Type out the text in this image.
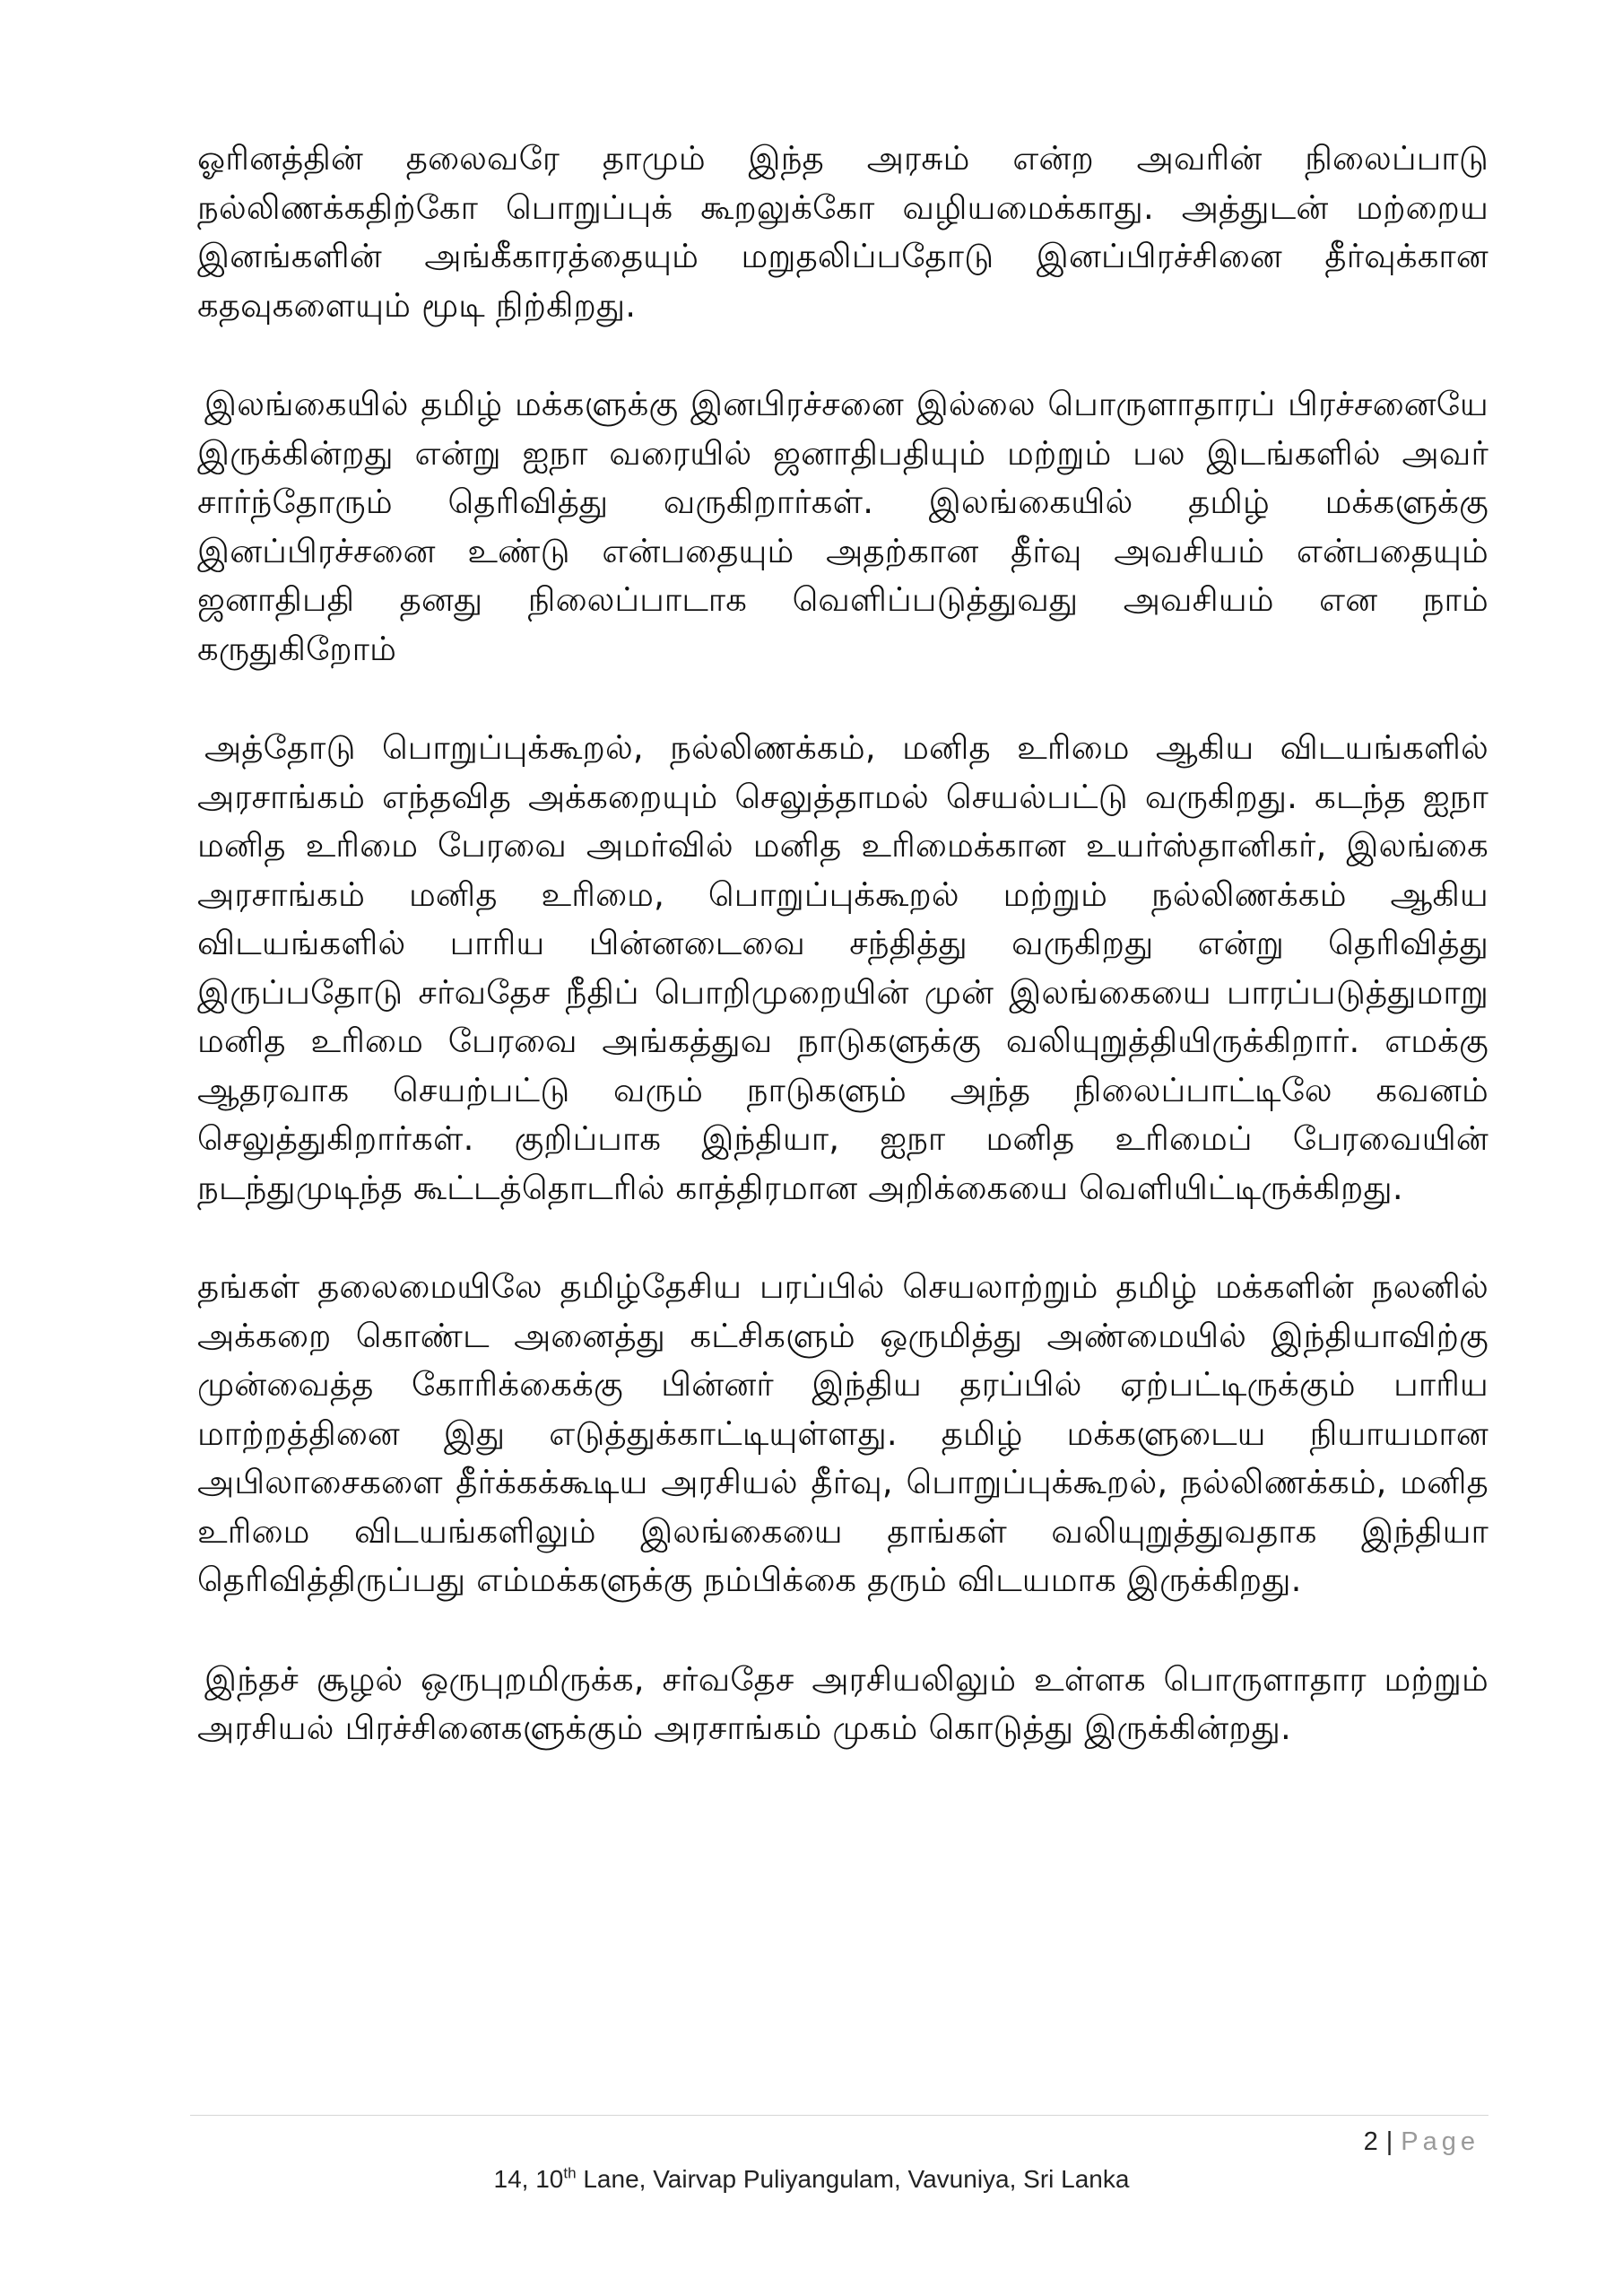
ஓரினத்தின் தலைவரே தாமும் இந்த அரசும் என்ற அவரின் நிலைப்பாடு நல்லிணக்கதிற்கோ பொறுப்புக் கூறலுக்கோ வழியமைக்காது. அத்துடன் மற்றைய இனங்களின் அங்கீகாரத்தையும் மறுதலிப்பதோடு இனப்பிரச்சினை தீர்வுக்கான கதவுகளையும் மூடி நிற்கிறது.

இலங்கையில் தமிழ் மக்களுக்கு இனபிரச்சனை இல்லை பொருளாதாரப் பிரச்சனையே இருக்கின்றது என்று ஐநா வரையில் ஜனாதிபதியும் மற்றும் பல இடங்களில் அவர் சார்ந்தோரும் தெரிவித்து வருகிறார்கள். இலங்கையில் தமிழ் மக்களுக்கு இனப்பிரச்சனை உண்டு என்பதையும் அதற்கான தீர்வு அவசியம் என்பதையும் ஜனாதிபதி தனது நிலைப்பாடாக வெளிப்படுத்துவது அவசியம் என நாம் கருதுகிறோம்

அத்தோடு பொறுப்புக்கூறல், நல்லிணக்கம், மனித உரிமை ஆகிய விடயங்களில் அரசாங்கம் எந்தவித அக்கறையும் செலுத்தாமல் செயல்பட்டு வருகிறது. கடந்த ஐநா மனித உரிமை பேரவை அமர்வில் மனித உரிமைக்கான உயர்ஸ்தானிகர், இலங்கை அரசாங்கம் மனித உரிமை, பொறுப்புக்கூறல் மற்றும் நல்லிணக்கம் ஆகிய விடயங்களில் பாரிய பின்னடைவை சந்தித்து வருகிறது என்று தெரிவித்து இருப்பதோடு சர்வதேச நீதிப் பொறிமுறையின் முன் இலங்கையை பாரப்படுத்துமாறு மனித உரிமை பேரவை அங்கத்துவ நாடுகளுக்கு வலியுறுத்தியிருக்கிறார். எமக்கு ஆதரவாக செயற்பட்டு வரும் நாடுகளும் அந்த நிலைப்பாட்டிலே கவனம் செலுத்துகிறார்கள். குறிப்பாக இந்தியா, ஐநா மனித உரிமைப் பேரவையின் நடந்துமுடிந்த கூட்டத்தொடரில் காத்திரமான அறிக்கையை வெளியிட்டிருக்கிறது.

தங்கள் தலைமையிலே தமிழ்தேசிய பரப்பில் செயலாற்றும் தமிழ் மக்களின் நலனில் அக்கறை கொண்ட அனைத்து கட்சிகளும் ஒருமித்து அண்மையில் இந்தியாவிற்கு முன்வைத்த கோரிக்கைக்கு பின்னர் இந்திய தரப்பில் ஏற்பட்டிருக்கும் பாரிய மாற்றத்தினை இது எடுத்துக்காட்டியுள்ளது. தமிழ் மக்களுடைய நியாயமான அபிலாசைகளை தீர்க்கக்கூடிய அரசியல் தீர்வு, பொறுப்புக்கூறல், நல்லிணக்கம், மனித உரிமை விடயங்களிலும் இலங்கையை தாங்கள் வலியுறுத்துவதாக இந்தியா தெரிவித்திருப்பது எம்மக்களுக்கு நம்பிக்கை தரும் விடயமாக இருக்கிறது.

இந்தச் சூழல் ஒருபுறமிருக்க, சர்வதேச அரசியலிலும் உள்ளக பொருளாதார மற்றும் அரசியல் பிரச்சினைகளுக்கும் அரசாங்கம் முகம் கொடுத்து இருக்கின்றது.

2 | Page
14, 10th Lane, Vairvap Puliyangulam, Vavuniya, Sri Lanka
